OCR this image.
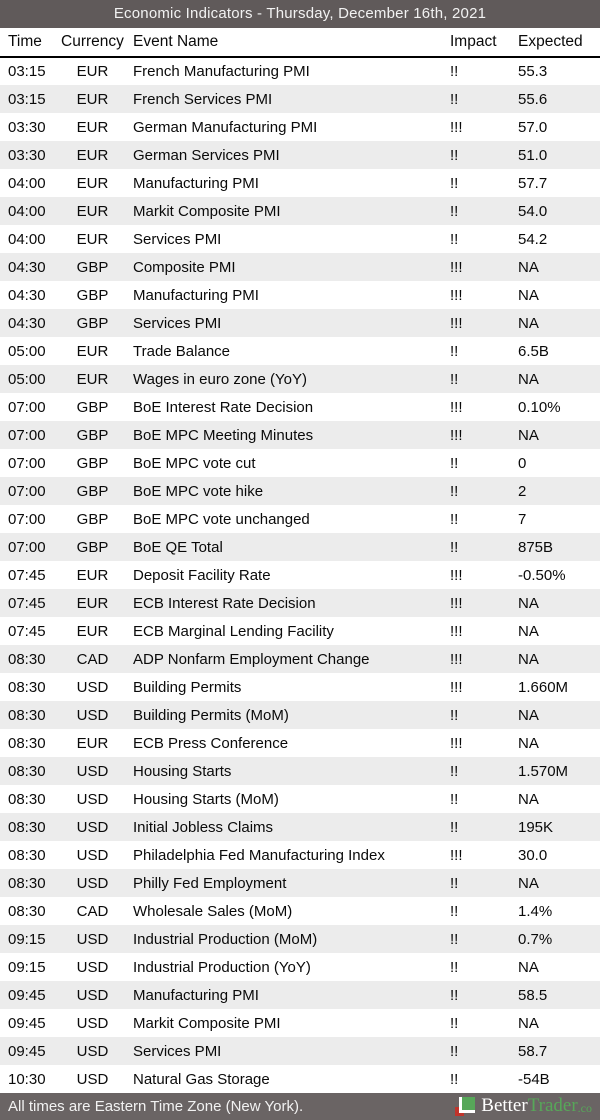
Economic Indicators - Thursday, December 16th, 2021
Time	Currency	Event Name	Impact	Expected
03:15	EUR	French Manufacturing PMI	!!	55.3
03:15	EUR	French Services PMI	!!	55.6
03:30	EUR	German Manufacturing PMI	!!!	57.0
03:30	EUR	German Services PMI	!!	51.0
04:00	EUR	Manufacturing PMI	!!	57.7
04:00	EUR	Markit Composite PMI	!!	54.0
04:00	EUR	Services PMI	!!	54.2
04:30	GBP	Composite PMI	!!!	NA
04:30	GBP	Manufacturing PMI	!!!	NA
04:30	GBP	Services PMI	!!!	NA
05:00	EUR	Trade Balance	!!	6.5B
05:00	EUR	Wages in euro zone (YoY)	!!	NA
07:00	GBP	BoE Interest Rate Decision	!!!	0.10%
07:00	GBP	BoE MPC Meeting Minutes	!!!	NA
07:00	GBP	BoE MPC vote cut	!!	0
07:00	GBP	BoE MPC vote hike	!!	2
07:00	GBP	BoE MPC vote unchanged	!!	7
07:00	GBP	BoE QE Total	!!	875B
07:45	EUR	Deposit Facility Rate	!!!	-0.50%
07:45	EUR	ECB Interest Rate Decision	!!!	NA
07:45	EUR	ECB Marginal Lending Facility	!!!	NA
08:30	CAD	ADP Nonfarm Employment Change	!!!	NA
08:30	USD	Building Permits	!!!	1.660M
08:30	USD	Building Permits (MoM)	!!	NA
08:30	EUR	ECB Press Conference	!!!	NA
08:30	USD	Housing Starts	!!	1.570M
08:30	USD	Housing Starts (MoM)	!!	NA
08:30	USD	Initial Jobless Claims	!!	195K
08:30	USD	Philadelphia Fed Manufacturing Index	!!!	30.0
08:30	USD	Philly Fed Employment	!!	NA
08:30	CAD	Wholesale Sales (MoM)	!!	1.4%
09:15	USD	Industrial Production (MoM)	!!	0.7%
09:15	USD	Industrial Production (YoY)	!!	NA
09:45	USD	Manufacturing PMI	!!	58.5
09:45	USD	Markit Composite PMI	!!	NA
09:45	USD	Services PMI	!!	58.7
10:30	USD	Natural Gas Storage	!!	-54B
All times are Eastern Time Zone (New York).	BetterTrader.co
